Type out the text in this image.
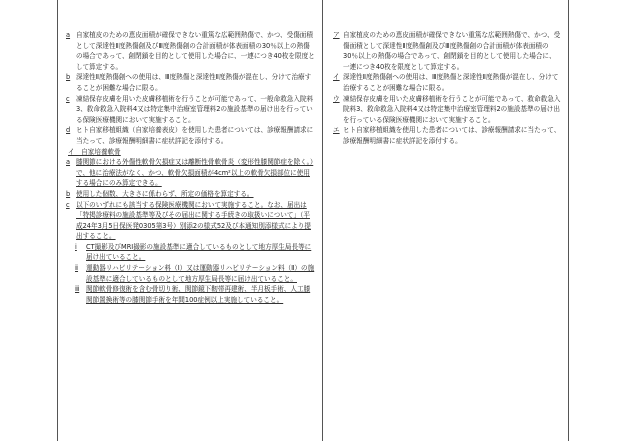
a 自家植皮のための恵皮面積が確保できない重篤な広範囲熱傷で、かつ、受傷面積として深達性Ⅱ度熱傷創及びⅢ度熱傷創の合計面積が体表面積の30％以上の熱傷の場合であって、創閉鎖を目的として使用した場合に、一連につき40枚を限度として算定する。

b 深達性Ⅱ度熱傷創への使用は、Ⅲ度熱傷と深達性Ⅱ度熱傷が混在し、分けて治療することが困難な場合に限る。

c 凍結保存皮膚を用いた皮膚移植術を行うことが可能であって、一般命救急入院料3、救命救急入院料4又は特定集中治療室管理料2の施設基準の届け出を行っている保険医療機関において実施すること。

d ヒト自家移植組織（自家培養表皮）を使用した患者については、診療報酬請求に当たって、診療報酬明細書に症状詳記を添付する。

イ　自家培養軟骨

a 膝関節における外傷性軟骨欠損症又は離断性骨軟骨炎（変形性膝関節症を除く。）で、他に治療法がなく、かつ、軟骨欠損面積が4cm²以上の軟骨欠損部位に使用する場合にのみ算定できる。

b 使用した個数、大きさに係わらず、所定の価格を算定する。

c 以下のいずれにも該当する保険医療機関において実施すること。なお、届出は「特掲診療料の施設基準等及びその届出に関する手続きの取扱いについて」（平成24年3月5日保医発0305第3号）別添2の様式52及び本通知別添様式により提出すること。

ⅰ CT撮影及びMRI撮影の施設基準に適合しているものとして地方厚生局長等に届け出ていること。

ⅱ 運動器リハビリテーション料（Ⅰ）又は運動器リハビリテーション料（Ⅱ）の施設基準に適合しているものとして地方厚生局長等に届け出ていること。

ⅲ 関節軟骨修復術を含む骨切り術、関節鏡下靭帯再建術、半月板手術、人工膝関節置換術等の膝関節手術を年間100症例以上実施していること。

ア 自家植皮のための恵皮面積が確保できない重篤な広範囲熱傷で、かつ、受傷面積として深達性Ⅱ度熱傷創及びⅢ度熱傷創の合計面積が体表面積の30％以上の熱傷の場合であって、創閉鎖を目的として使用した場合に、一連につき40枚を限度として算定する。

イ 深達性Ⅱ度熱傷創への使用は、Ⅲ度熱傷と深達性Ⅱ度熱傷が混在し、分けて治療することが困難な場合に限る。

ウ 凍結保存皮膚を用いた皮膚移植術を行うことが可能であって、救命救急入院料3、救命救急入院料4又は特定集中治療室管理料2の施設基準の届け出を行っている保険医療機関において実施すること。

エ ヒト自家移植組織を使用した患者については、診療報酬請求に当たって、診療報酬明細書に症状詳記を添付する。
